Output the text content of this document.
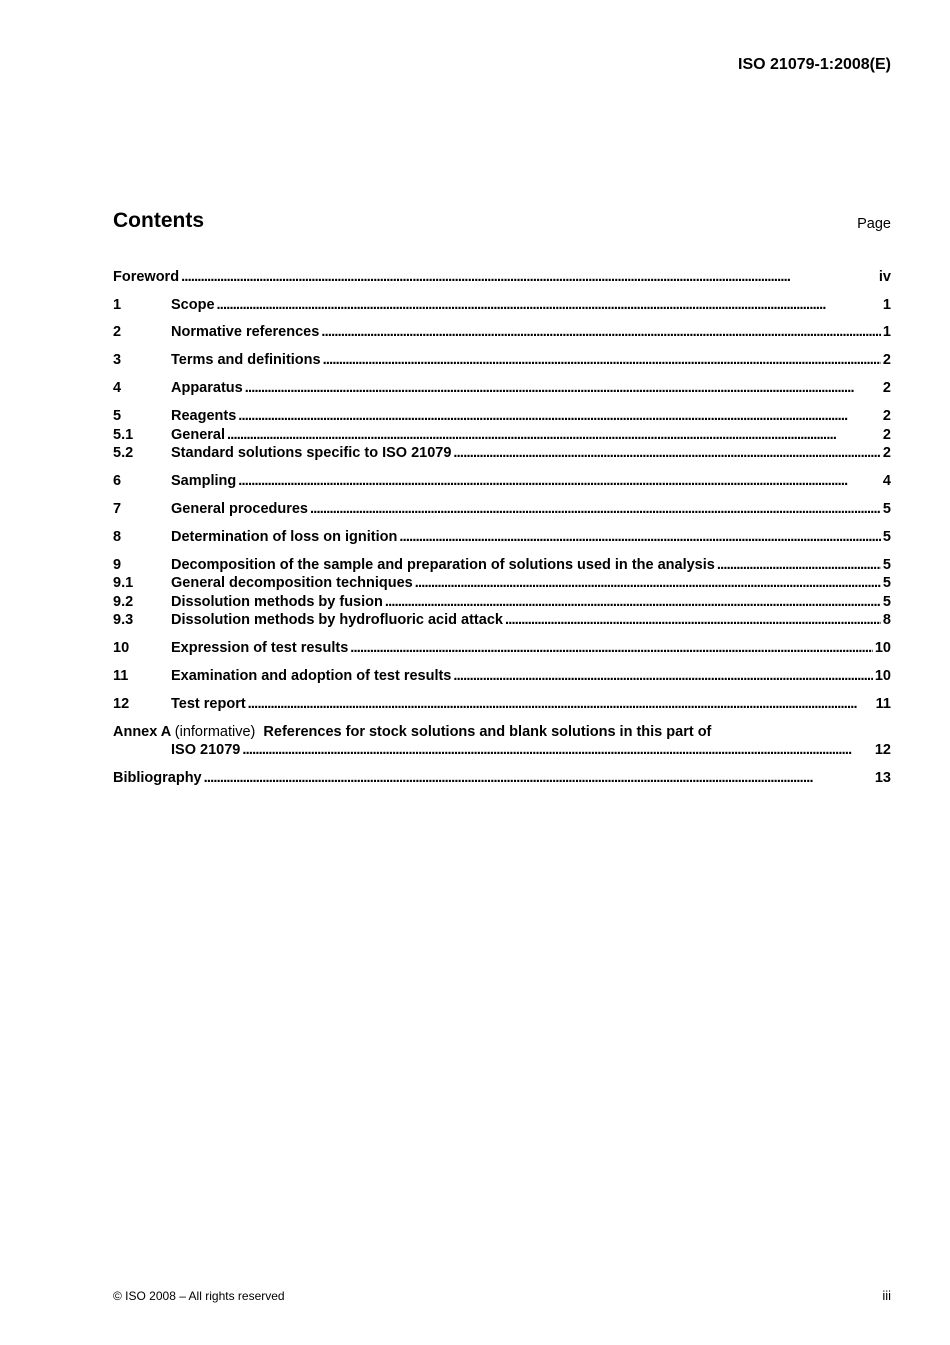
ISO 21079-1:2008(E)
Contents	Page
Foreword . . .	iv
1	Scope . . .	1
2	Normative references . . .	1
3	Terms and definitions . . .	2
4	Apparatus . . .	2
5	Reagents . . .	2
5.1	General . . .	2
5.2	Standard solutions specific to ISO 21079 . . .	2
6	Sampling . . .	4
7	General procedures . . .	5
8	Determination of loss on ignition . . .	5
9	Decomposition of the sample and preparation of solutions used in the analysis . . .	5
9.1	General decomposition techniques . . .	5
9.2	Dissolution methods by fusion . . .	5
9.3	Dissolution methods by hydrofluoric acid attack . . .	8
10	Expression of test results . . .	10
11	Examination and adoption of test results . . .	10
12	Test report . . .	11
Annex A (informative) References for stock solutions and blank solutions in this part of
ISO 21079 . . .	12
Bibliography . . .	13
© ISO 2008 – All rights reserved	iii
